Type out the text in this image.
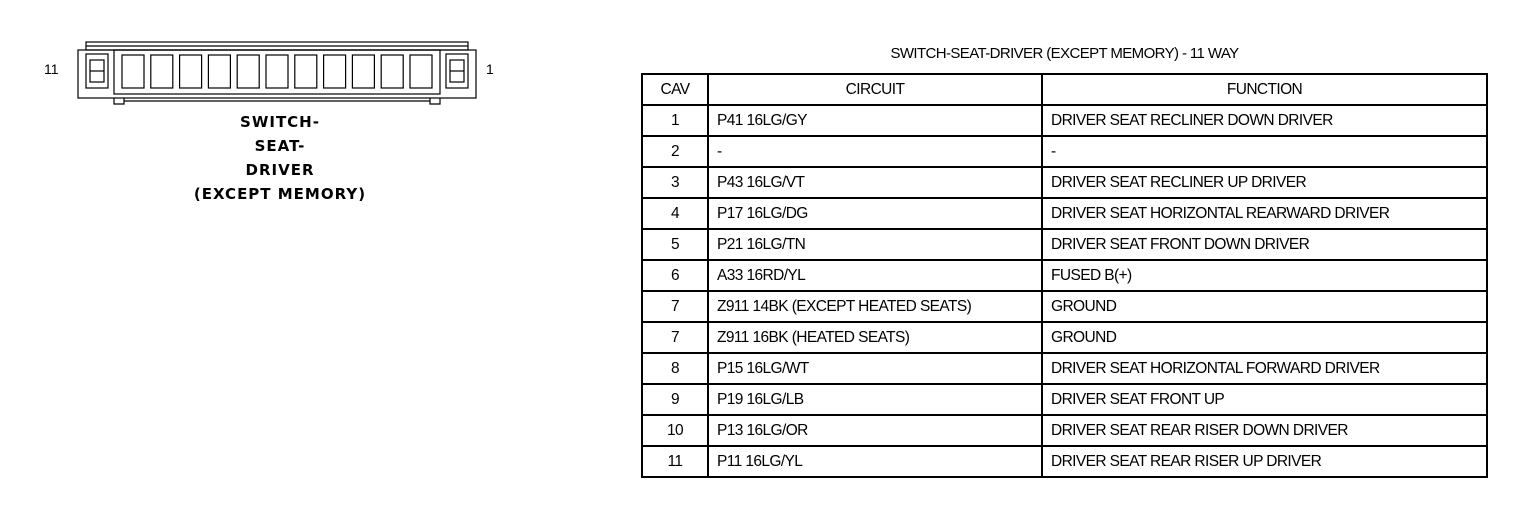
11	1
SWITCH-
SEAT-
DRIVER
(EXCEPT MEMORY)
SWITCH-SEAT-DRIVER (EXCEPT MEMORY) - 11 WAY
CAV	CIRCUIT	FUNCTION
1	P41 16LG/GY	DRIVER SEAT RECLINER DOWN DRIVER
2	-	-
3	P43 16LG/VT	DRIVER SEAT RECLINER UP DRIVER
4	P17 16LG/DG	DRIVER SEAT HORIZONTAL REARWARD DRIVER
5	P21 16LG/TN	DRIVER SEAT FRONT DOWN DRIVER
6	A33 16RD/YL	FUSED B(+)
7	Z911 14BK (EXCEPT HEATED SEATS)	GROUND
7	Z911 16BK (HEATED SEATS)	GROUND
8	P15 16LG/WT	DRIVER SEAT HORIZONTAL FORWARD DRIVER
9	P19 16LG/LB	DRIVER SEAT FRONT UP
10	P13 16LG/OR	DRIVER SEAT REAR RISER DOWN DRIVER
11	P11 16LG/YL	DRIVER SEAT REAR RISER UP DRIVER
